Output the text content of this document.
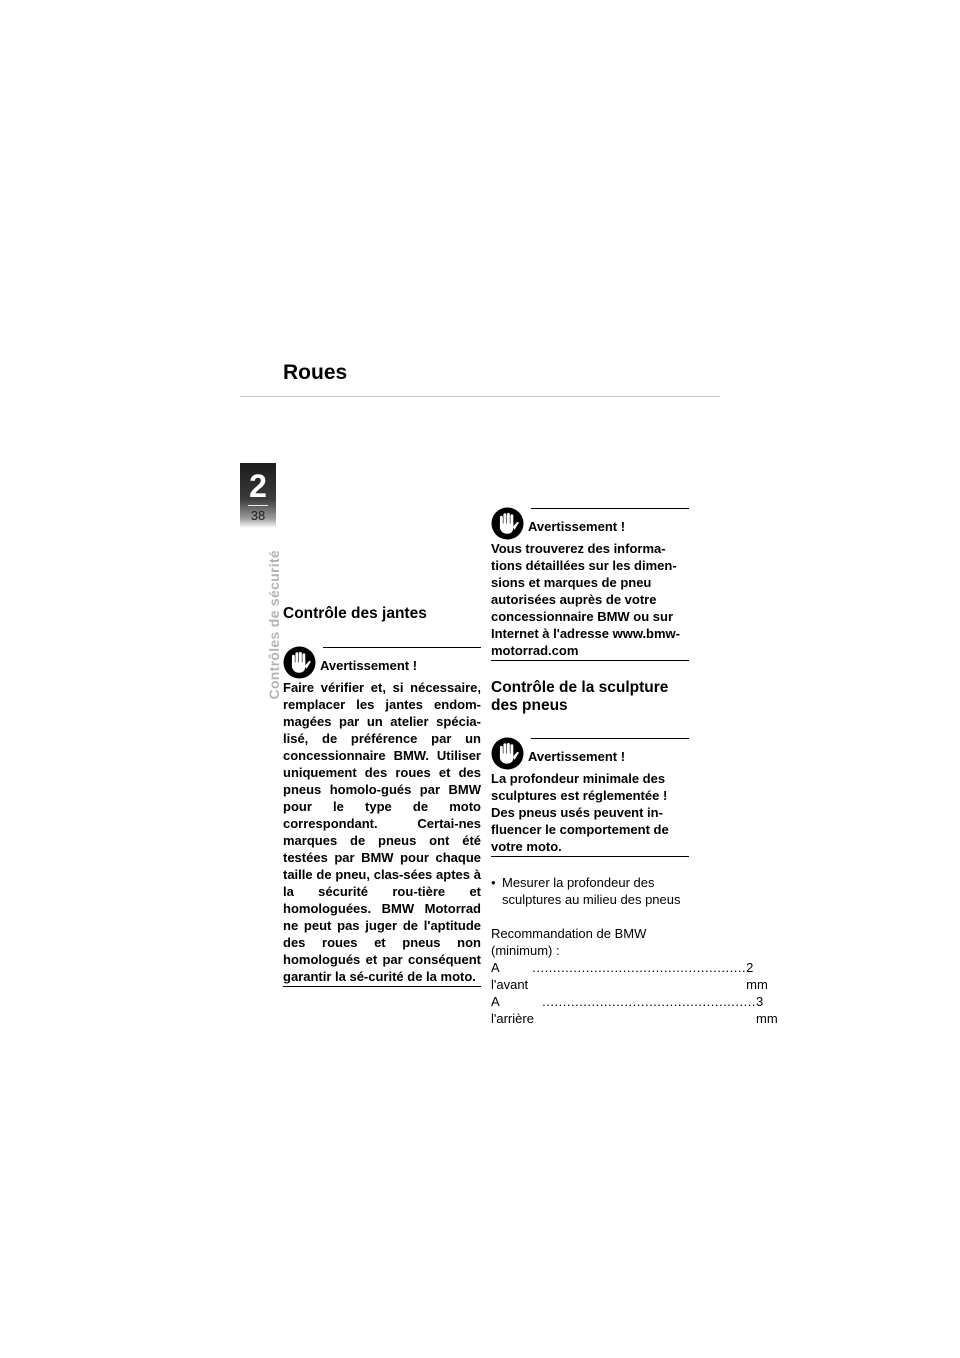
Roues
2
38
Contrôles de sécurité Contrôle des jantes
Avertissement !

Faire vérifier et, si nécessaire, remplacer les jantes endom-magées par un atelier spécia-lisé, de préférence par un concessionnaire BMW. Utiliser uniquement des roues et des pneus homolo-gués par BMW pour le type de moto correspondant. Certai-nes marques de pneus ont été testées par BMW pour chaque taille de pneu, clas-sées aptes à la sécurité rou-tière et homologuées. BMW Motorrad ne peut pas juger de l'aptitude des roues et pneus non homologués et par conséquent garantir la sé-curité de la moto.

Avertissement !

Vous trouverez des informa-tions détaillées sur les dimen-sions et marques de pneu autorisées auprès de votre concessionnaire BMW ou sur Internet à l'adresse www.bmw-motorrad.com

Contrôle de la sculpture des pneus
Avertissement !

La profondeur minimale des sculptures est réglementée ! Des pneus usés peuvent in-fluencer le comportement de votre moto.

• Mesurer la profondeur des sculptures au milieu des pneus

Recommandation de BMW (minimum) :

A l'avant
.................................................... 2 mm
A l'arrière
.................................................... 3 mm
